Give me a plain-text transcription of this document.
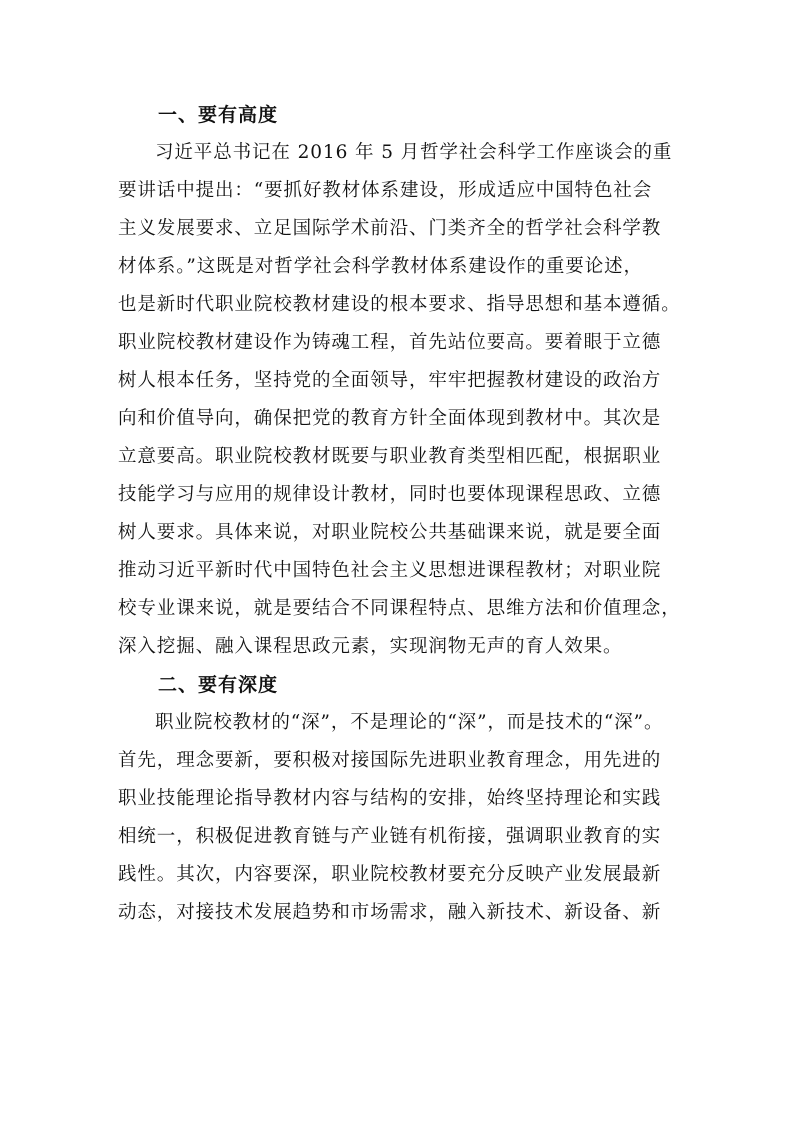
一、要有高度

习近平总书记在 2016 年 5 月哲学社会科学工作座谈会的重
要讲话中提出：“要抓好教材体系建设，形成适应中国特色社会
主义发展要求、立足国际学术前沿、门类齐全的哲学社会科学教
材体系。”这既是对哲学社会科学教材体系建设作的重要论述，
也是新时代职业院校教材建设的根本要求、指导思想和基本遵循。
职业院校教材建设作为铸魂工程，首先站位要高。要着眼于立德
树人根本任务，坚持党的全面领导，牢牢把握教材建设的政治方
向和价值导向，确保把党的教育方针全面体现到教材中。其次是
立意要高。职业院校教材既要与职业教育类型相匹配，根据职业
技能学习与应用的规律设计教材，同时也要体现课程思政、立德
树人要求。具体来说，对职业院校公共基础课来说，就是要全面
推动习近平新时代中国特色社会主义思想进课程教材；对职业院
校专业课来说，就是要结合不同课程特点、思维方法和价值理念，
深入挖掘、融入课程思政元素，实现润物无声的育人效果。

二、要有深度

职业院校教材的“深”，不是理论的“深”，而是技术的“深”。
首先，理念要新，要积极对接国际先进职业教育理念，用先进的
职业技能理论指导教材内容与结构的安排，始终坚持理论和实践
相统一，积极促进教育链与产业链有机衔接，强调职业教育的实
践性。其次，内容要深，职业院校教材要充分反映产业发展最新
动态，对接技术发展趋势和市场需求，融入新技术、新设备、新
